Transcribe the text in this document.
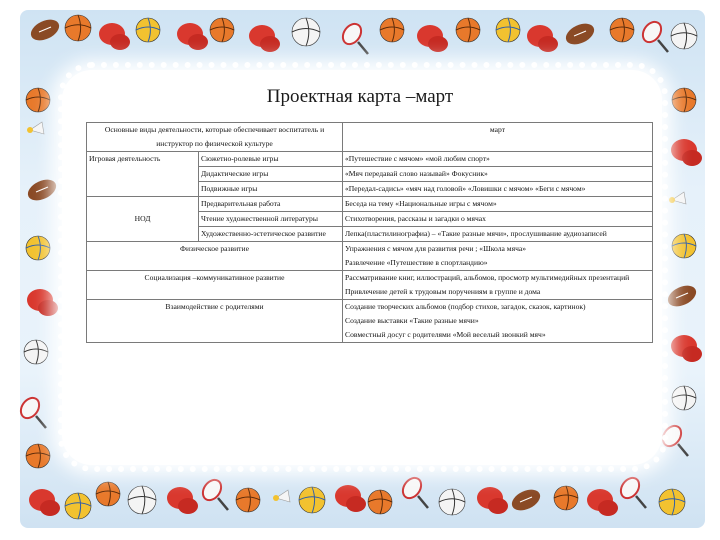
Проектная карта –март
Основные виды деятельности, которые обеспечивает воспитатель и инструктор по физической культуре		март
Игровая деятельность	Сюжетно-ролевые игры	«Путешествие с мячом» «мой любим спорт»
	Дидактические игры	«Мяч передавай слово называй» Фокусник»
	Подвижные игры	«Передал-садись» «мяч над головой» «Ловишки с мячом» «Беги с мячом»
НОД	Предварительная работа	Беседа на тему «Национальные игры с мячом»
	Чтение художественной литературы	Стихотворения, рассказы и загадки о мячах
	Художественно-эстетическое развитие	Лепка(пластилинографиа) – «Такие разные мячи», прослушивание аудиозаписей
Физическое развитие		Упражнения с мячом для развития речи ; «Школа мяча»
Развлечение «Путешествие в спортландию»

Социализация –коммуникативное развитие		Рассматривание книг, иллюстраций, альбомов, просмотр мультимедийных презентаций
Привлечение детей к трудовым поручениям в группе и дома

Взаимодействие с родителями		Создание творческих альбомов (подбор стихов, загадок, сказок, картинок)
Создание выставки «Такие разные мячи»
Совместный досуг с родителями «Мой веселый звонкий мяч»
